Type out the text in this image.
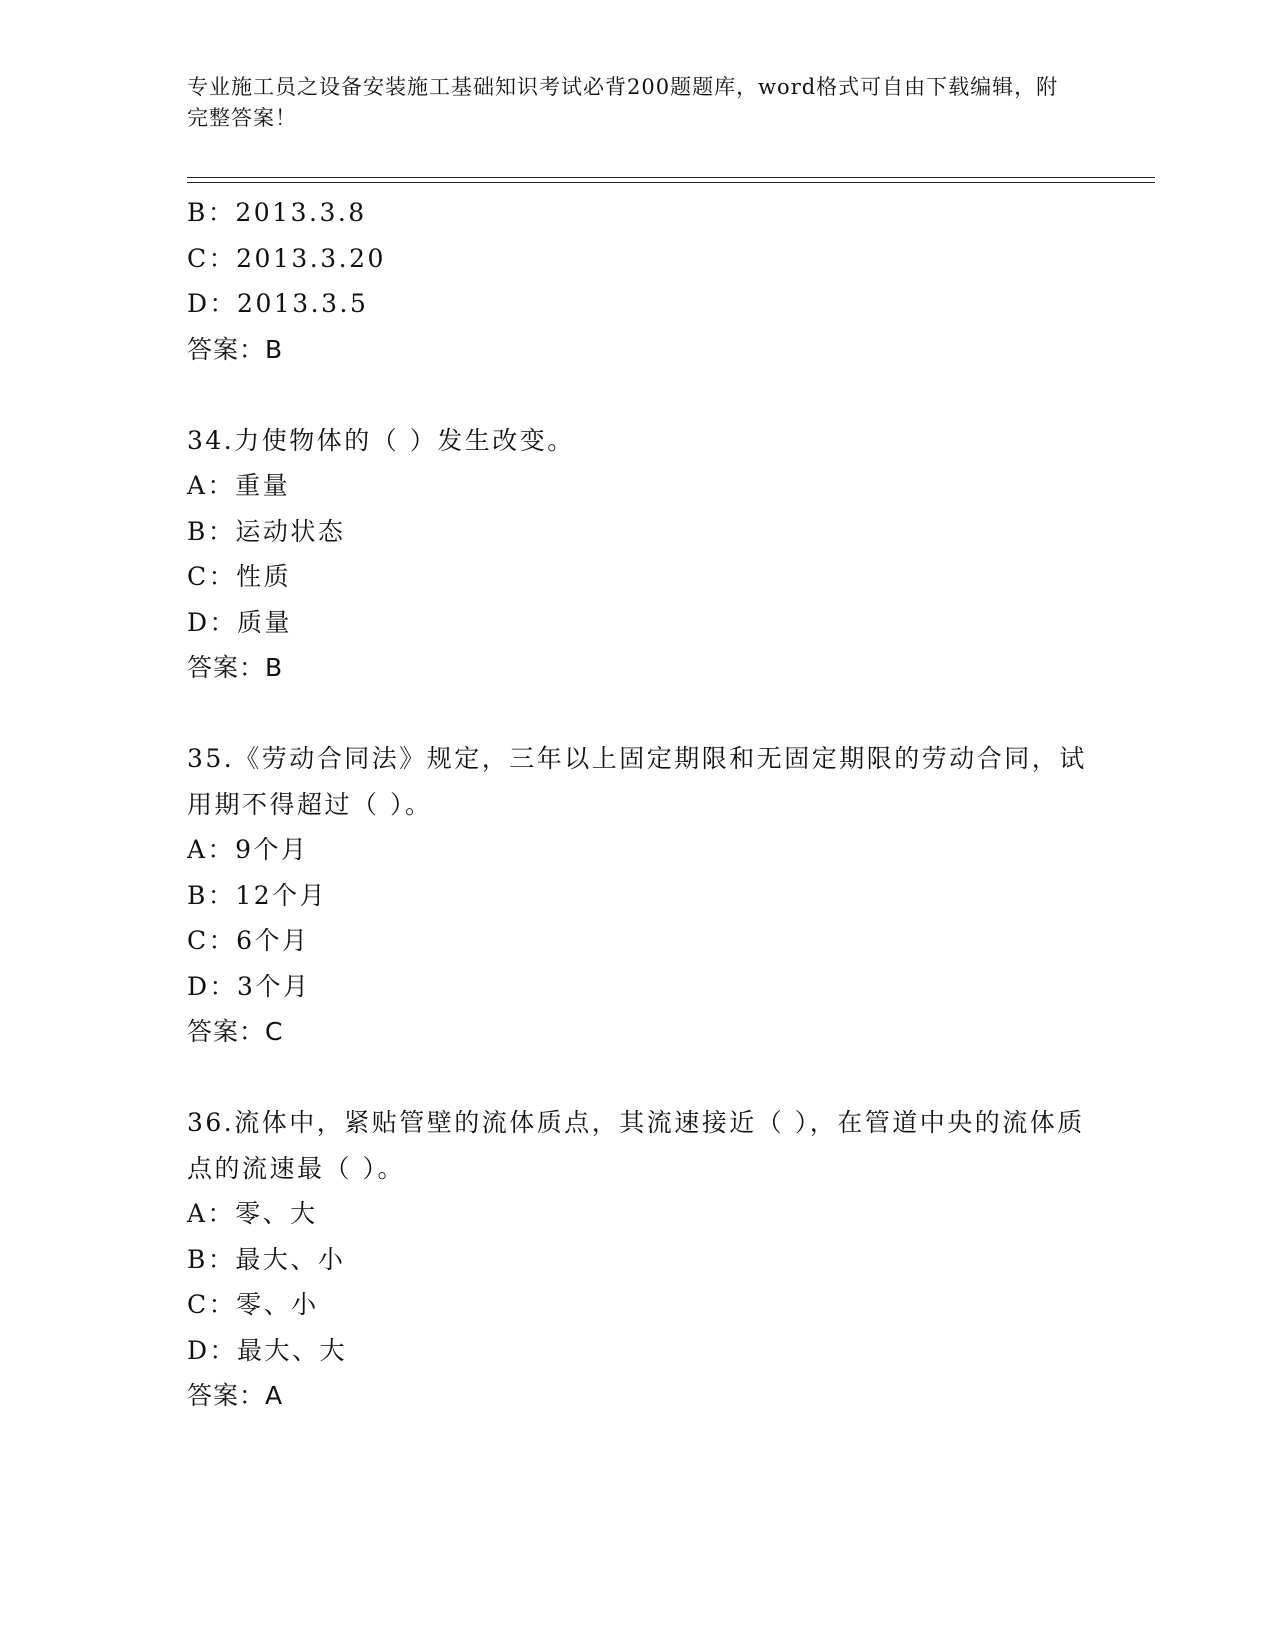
专业施工员之设备安装施工基础知识考试必背200题题库，word格式可自由下载编辑，附完整答案！
B：2013.3.8
C：2013.3.20
D：2013.3.5
答案：B
34.力使物体的（ ）发生改变。
A：重量
B：运动状态
C：性质
D：质量
答案：B
35.《劳动合同法》规定，三年以上固定期限和无固定期限的劳动合同，试用期不得超过（ ）。
A：9个月
B：12个月
C：6个月
D：3个月
答案：C
36.流体中，紧贴管壁的流体质点，其流速接近（ ），在管道中央的流体质点的流速最（ ）。
A：零、大
B：最大、小
C：零、小
D：最大、大
答案：A
